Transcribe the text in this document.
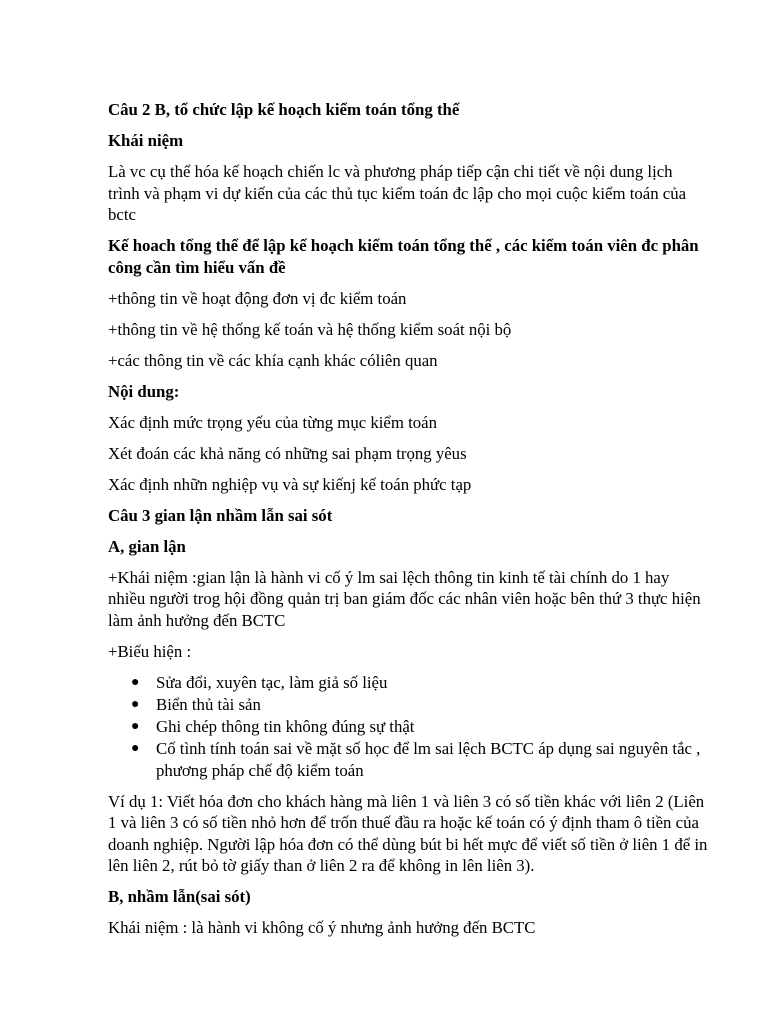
Câu 2 B, tổ chức lập kế hoạch kiểm toán tổng thể

Khái niệm

Là vc cụ thể hóa kế hoạch chiến lc và phương pháp tiếp cận chi tiết về nội dung lịch trình và phạm vi dự kiến của các thủ tục kiểm toán đc lập cho mọi cuộc kiểm toán của bctc

Kế hoach tổng thể để lập kế hoạch kiểm toán tổng thể , các kiểm toán viên đc phân công cần tìm hiểu vấn đề

+thông tin về hoạt động đơn vị đc kiểm toán

+thông tin về hệ thống kế toán và hệ thống kiểm soát nội bộ

+các thông tin về các khía cạnh khác cóliên quan

Nội dung:

Xác định mức trọng yếu của từng mục kiểm toán

Xét đoán các khả năng có những sai phạm trọng yêus

Xác định nhữn nghiệp vụ và sự kiếnj kế toán phức tạp

Câu 3 gian lận nhầm lẫn sai sót

A, gian lận

+Khái niệm :gian lận là hành vi cố ý lm sai lệch thông tin kinh tế tài chính do 1 hay nhiều người trog hội đồng quản trị ban giám đốc các nhân viên hoặc bên thứ 3 thực hiện làm ảnh hưởng đến BCTC

+Biểu hiện :

● Sửa đổi, xuyên tạc, làm giả số liệu
● Biển thủ tài sản
● Ghi chép thông tin không đúng sự thật
● Cố tình tính toán sai về mặt số học để lm sai lệch BCTC áp dụng sai nguyên tắc , phương pháp chế độ kiểm toán

Ví dụ 1: Viết hóa đơn cho khách hàng mà liên 1 và liên 3 có số tiền khác với liên 2 (Liên 1 và liên 3 có số tiền nhỏ hơn để trốn thuế đầu ra hoặc kế toán có ý định tham ô tiền của doanh nghiệp. Người lập hóa đơn có thể dùng bút bi hết mực để viết số tiền ở liên 1 để in lên liên 2, rút bỏ tờ giấy than ở liên 2 ra để không in lên liên 3).

B, nhầm lẫn(sai sót)

Khái niệm : là hành vi không cố ý nhưng ảnh hưởng đến BCTC
